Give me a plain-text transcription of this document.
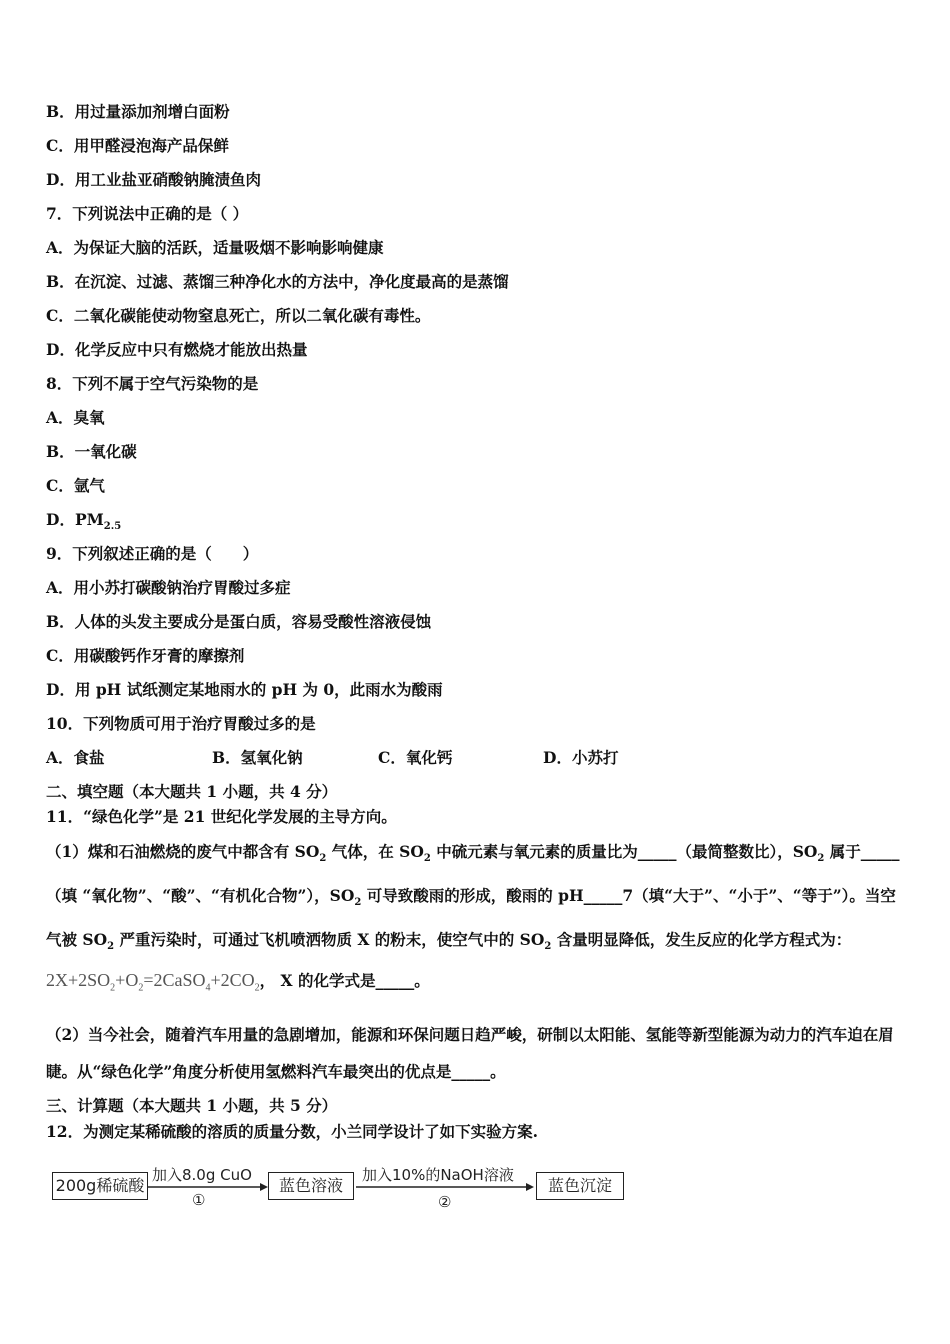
B．用过量添加剂增白面粉
C．用甲醛浸泡海产品保鲜
D．用工业盐亚硝酸钠腌渍鱼肉
7．下列说法中正确的是（ ）
A．为保证大脑的活跃，适量吸烟不影响影响健康
B．在沉淀、过滤、蒸馏三种净化水的方法中，净化度最高的是蒸馏
C．二氧化碳能使动物窒息死亡，所以二氧化碳有毒性。
D．化学反应中只有燃烧才能放出热量
8．下列不属于空气污染物的是
A．臭氧
B．一氧化碳
C．氩气
D．$PM_{2.5}$
9．下列叙述正确的是（　　）
A．用小苏打碳酸钠治疗胃酸过多症
B．人体的头发主要成分是蛋白质，容易受酸性溶液侵蚀
C．用碳酸钙作牙膏的摩擦剂
D．用 pH 试纸测定某地雨水的 pH 为 0，此雨水为酸雨
10．下列物质可用于治疗胃酸过多的是
A．食盐	B．氢氧化钠	C．氧化钙	D．小苏打
二、填空题（本大题共 1 小题，共 4 分）
11．“绿色化学”是 21 世纪化学发展的主导方向。
（1）煤和石油燃烧的废气中都含有 $SO_2$ 气体，在 $SO_2$ 中硫元素与氧元素的质量比为_____（最简整数比），$SO_2$ 属于_____（填 “氧化物”、“酸”、“有机化合物”），$SO_2$ 可导致酸雨的形成，酸雨的 pH_____7（填“大于”、“小于”、“等于”）。当空气被 $SO_2$ 严重污染时，可通过飞机喷洒物质 X 的粉末，使空气中的 $SO_2$ 含量明显降低，发生反应的化学方程式为：
$2X+2SO_2+O_2=2CaSO_4+2CO_2$， X 的化学式是_____。
（2）当今社会，随着汽车用量的急剧增加，能源和环保问题日趋严峻，研制以太阳能、氢能等新型能源为动力的汽车迫在眉睫。从“绿色化学”角度分析使用氢燃料汽车最突出的优点是_____。
三、计算题（本大题共 1 小题，共 5 分）
12．为测定某稀硫酸的溶质的质量分数，小兰同学设计了如下实验方案.
200g稀硫酸
加入8.0g CuO
①
蓝色溶液
加入10%的NaOH溶液
②
蓝色沉淀
